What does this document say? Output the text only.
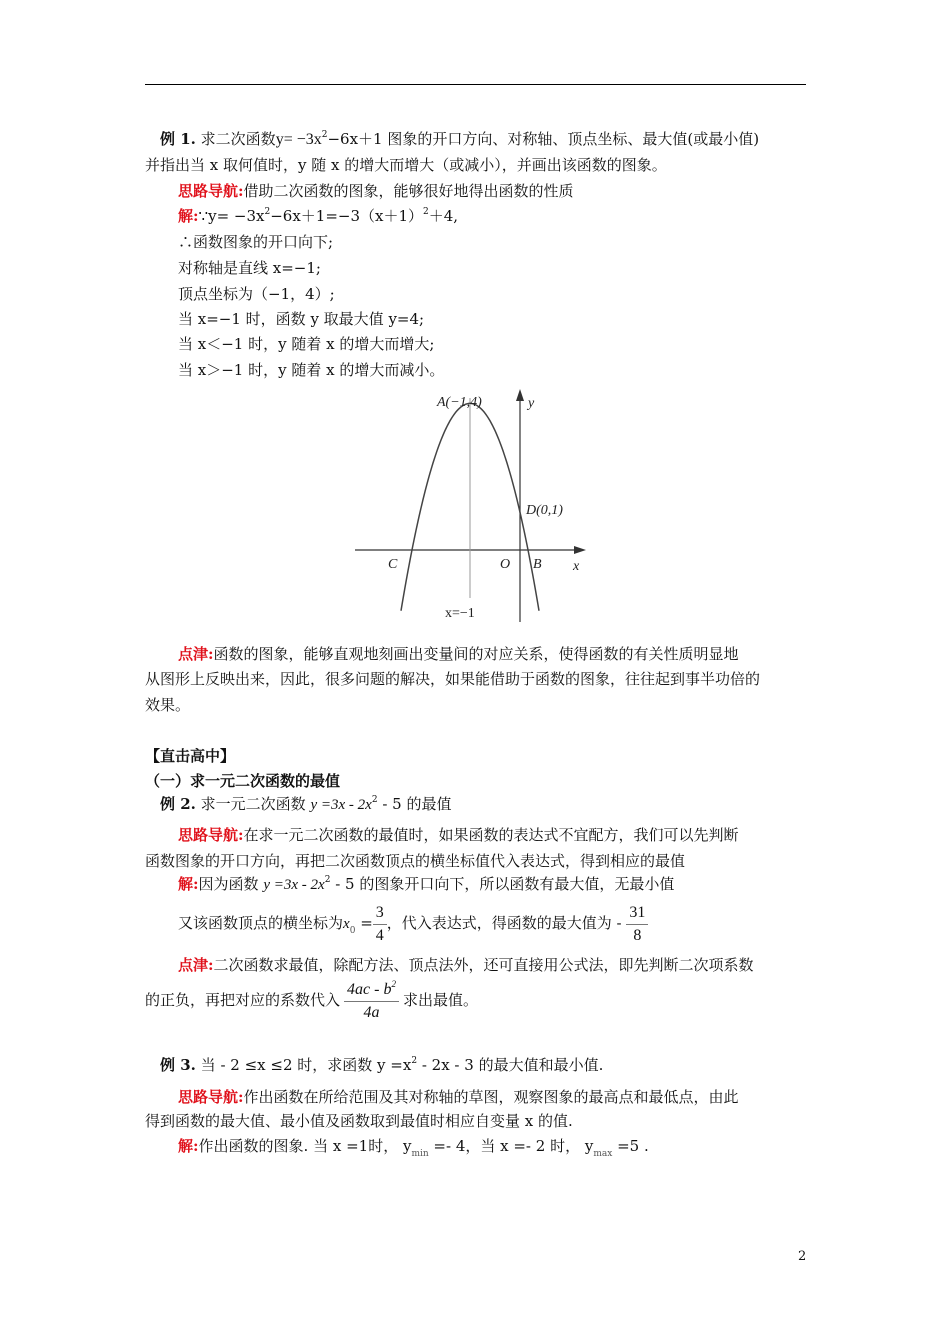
例 1. 求二次函数$y= -3x^2-6x+1$ 图象的开口方向、对称轴、顶点坐标、最大值(或最小值)
并指出当 x 取何值时，y 随 x 的增大而增大（或减小），并画出该函数的图象。
思路导航:借助二次函数的图象，能够很好地得出函数的性质
解:∵y= $-3x^2-6x+1=-3(x+1)^2+4$,
∴函数图象的开口向下;
对称轴是直线 x=−1;
顶点坐标为（−1，4）;
当 x=−1 时，函数 y 取最大值 y=4;
当 x＜−1 时，y 随着 x 的增大而增大;
当 x＞−1 时，y 随着 x 的增大而减小。
A(−1,4)	y
D(0,1)
C	O B x
x=−1
点津:函数的图象，能够直观地刻画出变量间的对应关系，使得函数的有关性质明显地
从图形上反映出来，因此，很多问题的解决，如果能借助于函数的图象，往往起到事半功倍的
效果。
【直击高中】
（一）求一元二次函数的最值
例 2. 求一元二次函数 $y =3x - 2x^2 - 5$ 的最值
思路导航:在求一元二次函数的最值时，如果函数的表达式不宜配方，我们可以先判断
函数图象的开口方向，再把二次函数顶点的横坐标值代入表达式，得到相应的最值
解:因为函数 $y =3x - 2x^2 - 5$ 的图象开口向下，所以函数有最大值，无最小值
又该函数顶点的横坐标为$x_0 = \frac{3}{4}$ ，代入表达式，得函数的最大值为 - $\frac{31}{8}$
点津:二次函数求最值，除配方法、顶点法外，还可直接用公式法，即先判断二次项系数
的正负，再把对应的系数代入 $\frac{4ac - b^2}{4a}$ 求出最值。
例 3. 当 - 2 ≤x ≤2 时，求函数 $y =x^2 - 2x - 3$ 的最大值和最小值.
思路导航:作出函数在所给范围及其对称轴的草图，观察图象的最高点和最低点，由此
得到函数的最大值、最小值及函数取到最值时相应自变量 x 的值.
解:作出函数的图象. 当 x =1时， $y_{min} =- 4$，当 x =- 2 时， $y_{max} =5$ .
2
